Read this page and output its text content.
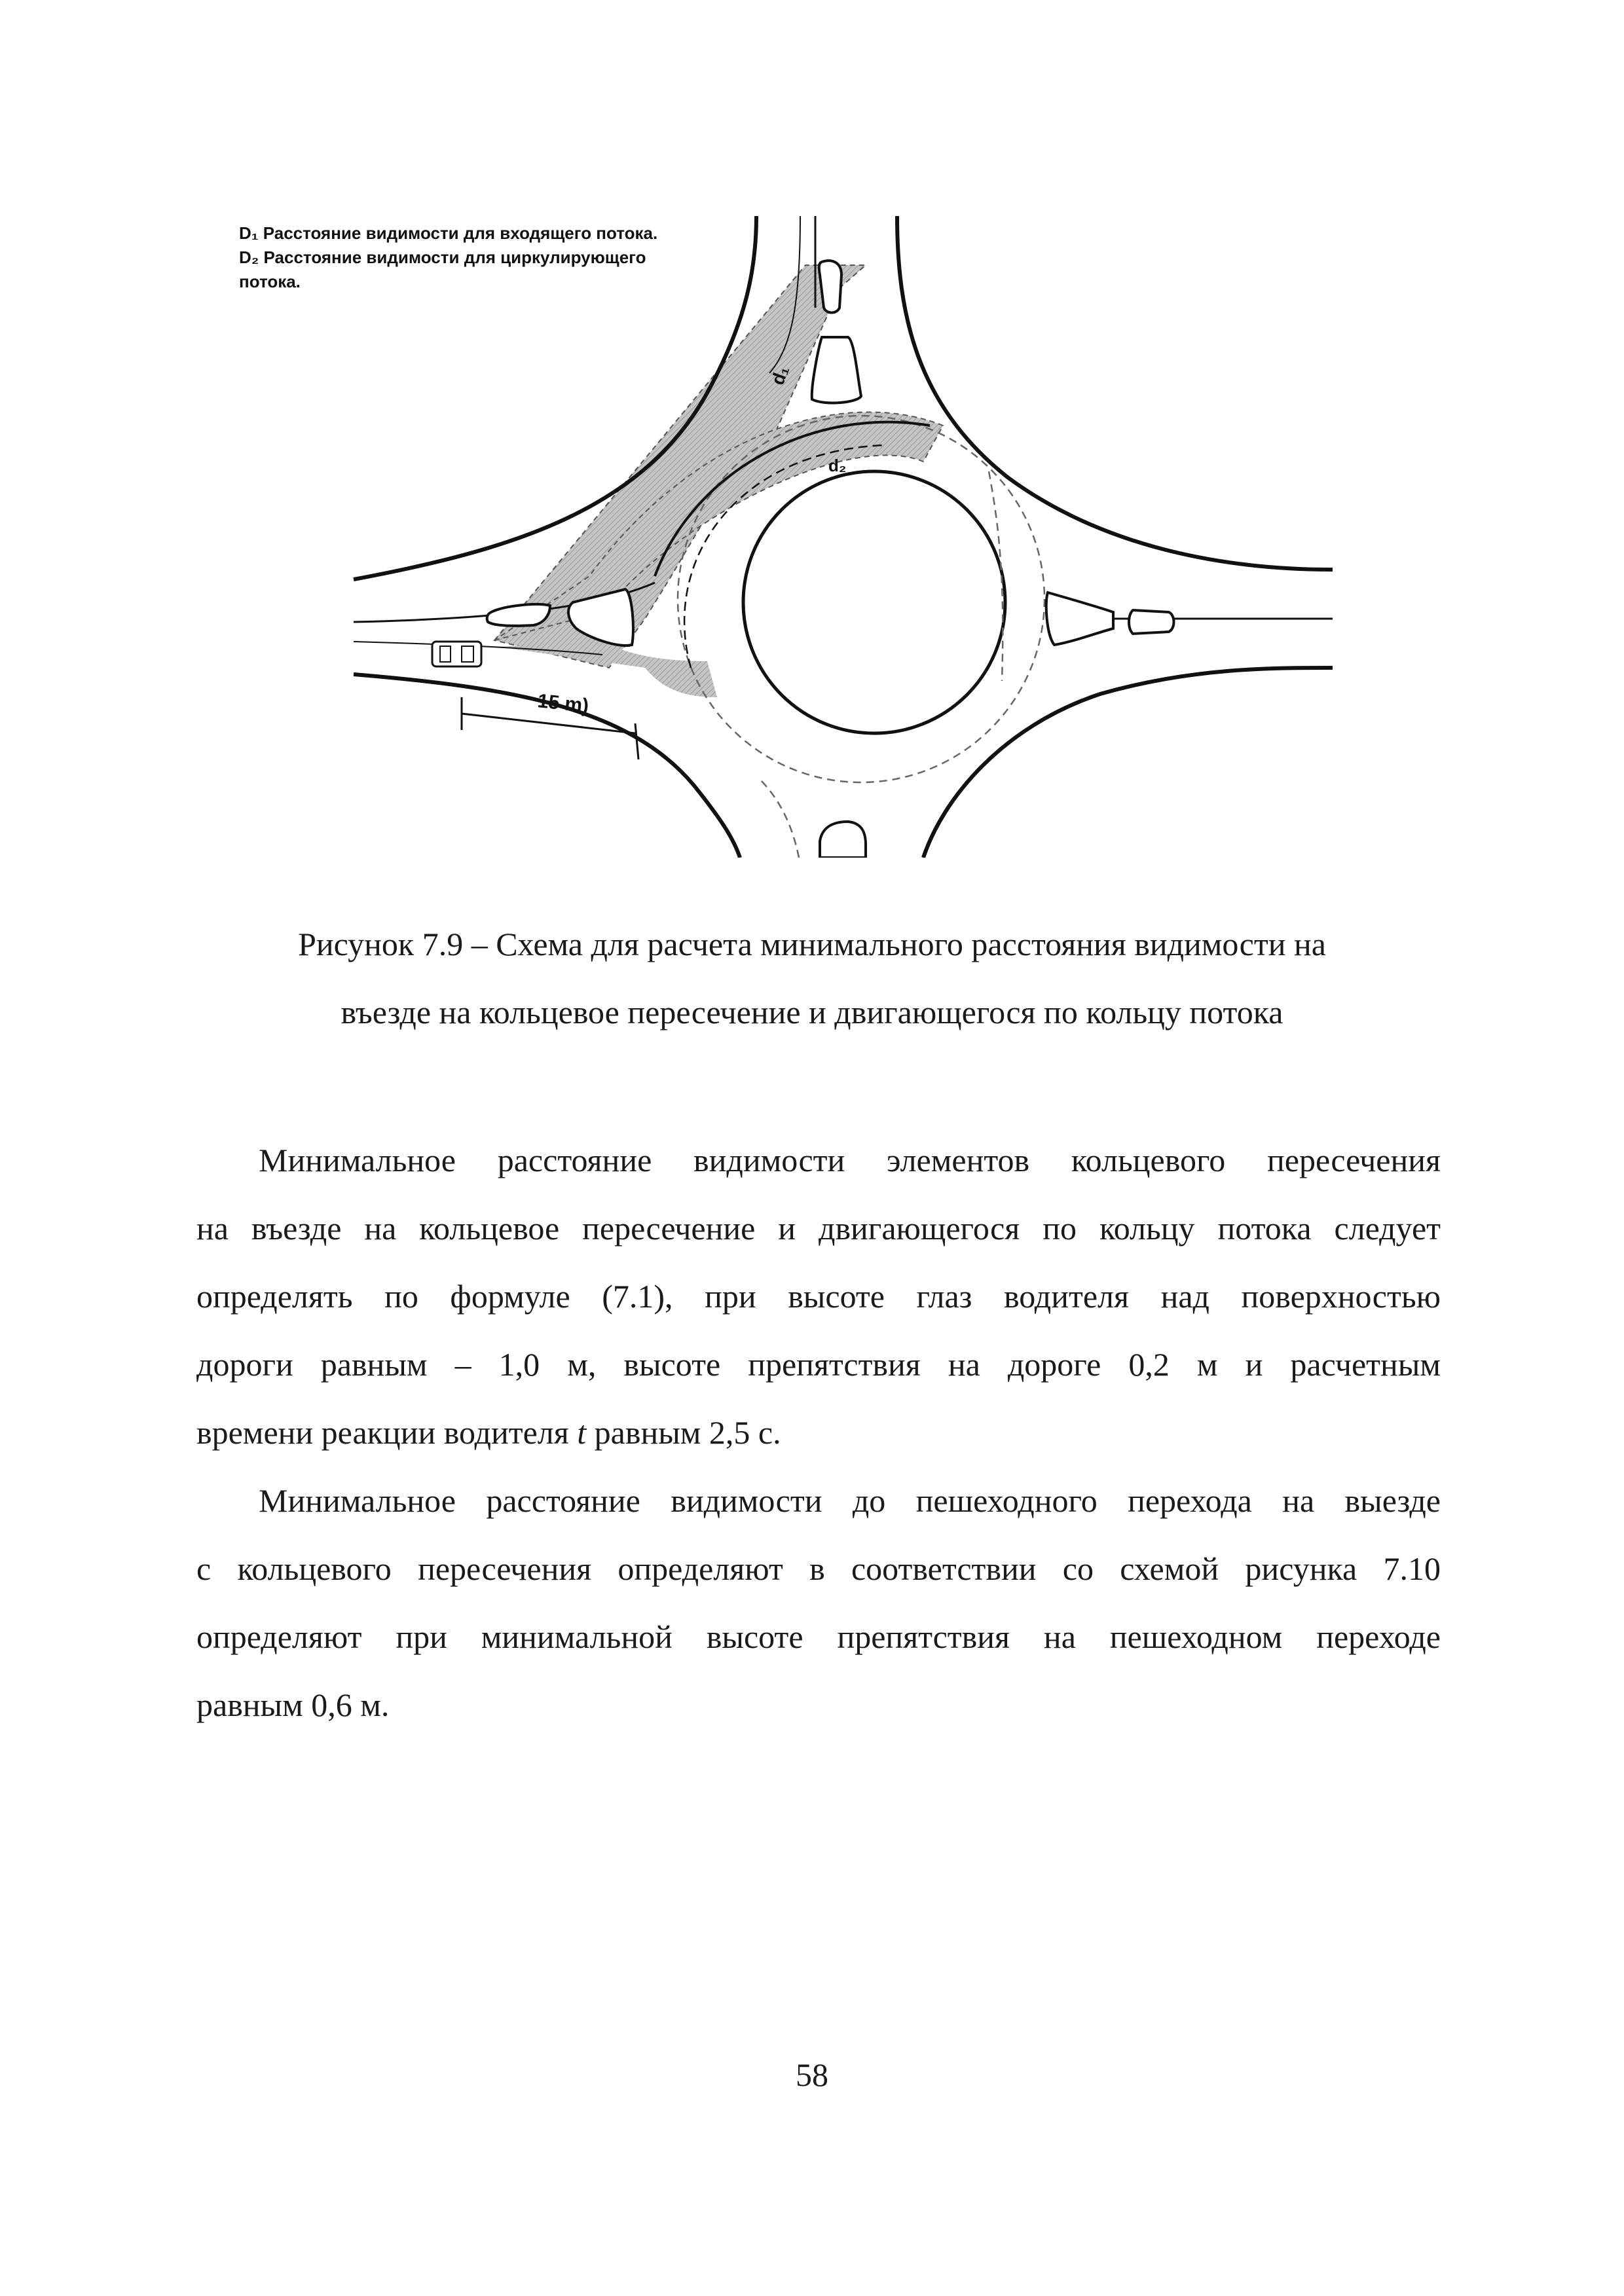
15 m)
d₁
d₂
D₁ Расстояние видимости для входящего потока.
D₂ Расстояние видимости для циркулирующего
потока.
Рисунок 7.9 – Схема для расчета минимального расстояния видимости на
въезде на кольцевое пересечение и двигающегося по кольцу потока

Минимальное расстояние видимости элементов кольцевого пересечения
на въезде на кольцевое пересечение и двигающегося по кольцу потока следует
определять по формуле (7.1), при высоте глаз водителя над поверхностью
дороги равным – 1,0 м, высоте препятствия на дороге 0,2 м и расчетным
времени реакции водителя t равным 2,5 с.

Минимальное расстояние видимости до пешеходного перехода на выезде
с кольцевого пересечения определяют в соответствии со схемой рисунка 7.10
определяют при минимальной высоте препятствия на пешеходном переходе
равным 0,6 м.

58
